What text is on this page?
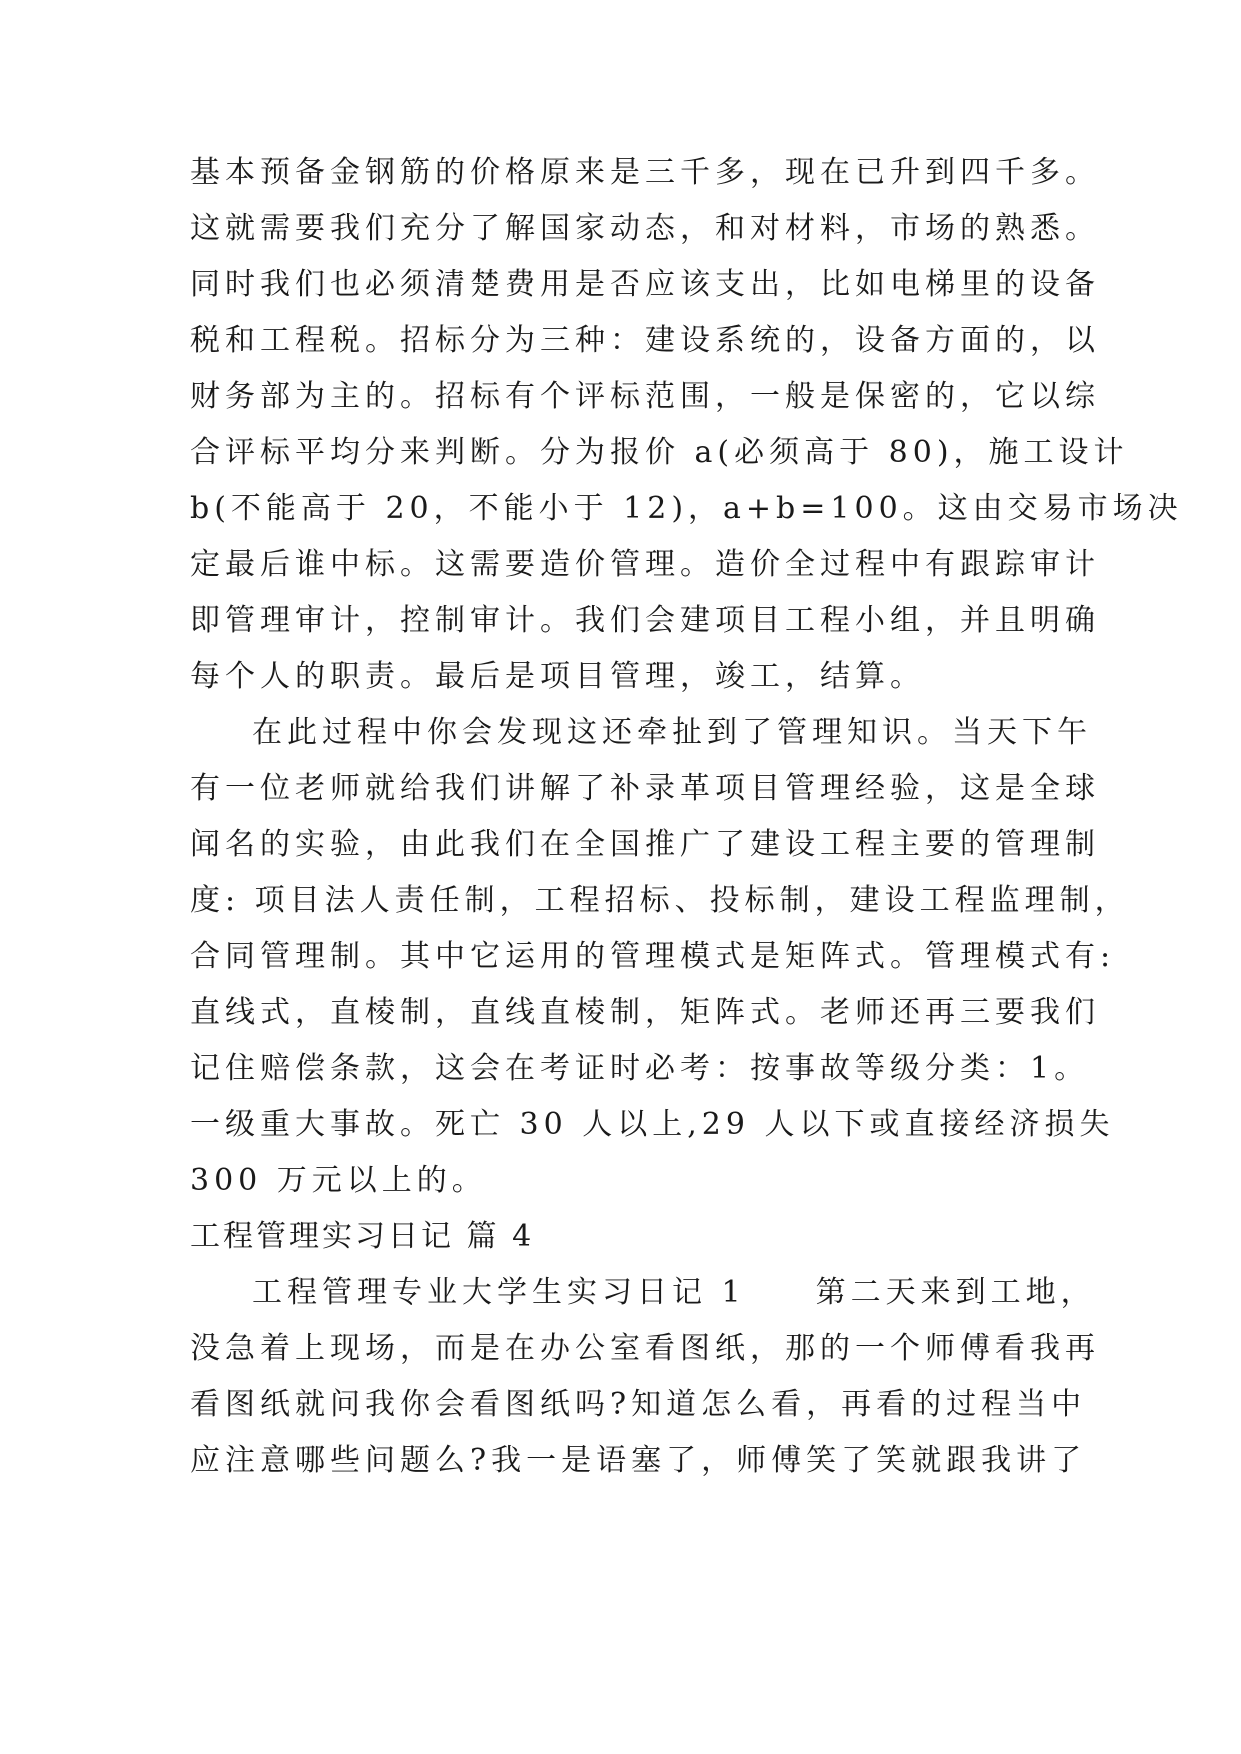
基本预备金钢筋的价格原来是三千多，现在已升到四千多。
这就需要我们充分了解国家动态，和对材料，市场的熟悉。
同时我们也必须清楚费用是否应该支出，比如电梯里的设备
税和工程税。招标分为三种：建设系统的，设备方面的，以
财务部为主的。招标有个评标范围，一般是保密的，它以综
合评标平均分来判断。分为报价 a(必须高于 80)，施工设计
b(不能高于 20，不能小于 12)，a+b=100。这由交易市场决
定最后谁中标。这需要造价管理。造价全过程中有跟踪审计
即管理审计，控制审计。我们会建项目工程小组，并且明确
每个人的职责。最后是项目管理，竣工，结算。
在此过程中你会发现这还牵扯到了管理知识。当天下午
有一位老师就给我们讲解了补录革项目管理经验，这是全球
闻名的实验，由此我们在全国推广了建设工程主要的管理制
度: 项目法人责任制，工程招标、投标制，建设工程监理制，
合同管理制。其中它运用的管理模式是矩阵式。管理模式有:
直线式，直棱制，直线直棱制，矩阵式。老师还再三要我们
记住赔偿条款，这会在考证时必考：按事故等级分类：1。
一级重大事故。死亡 30 人以上,29 人以下或直接经济损失
300 万元以上的。
工程管理实习日记 篇 4
工程管理专业大学生实习日记 1　　第二天来到工地，
没急着上现场，而是在办公室看图纸，那的一个师傅看我再
看图纸就问我你会看图纸吗?知道怎么看，再看的过程当中
应注意哪些问题么?我一是语塞了，师傅笑了笑就跟我讲了
